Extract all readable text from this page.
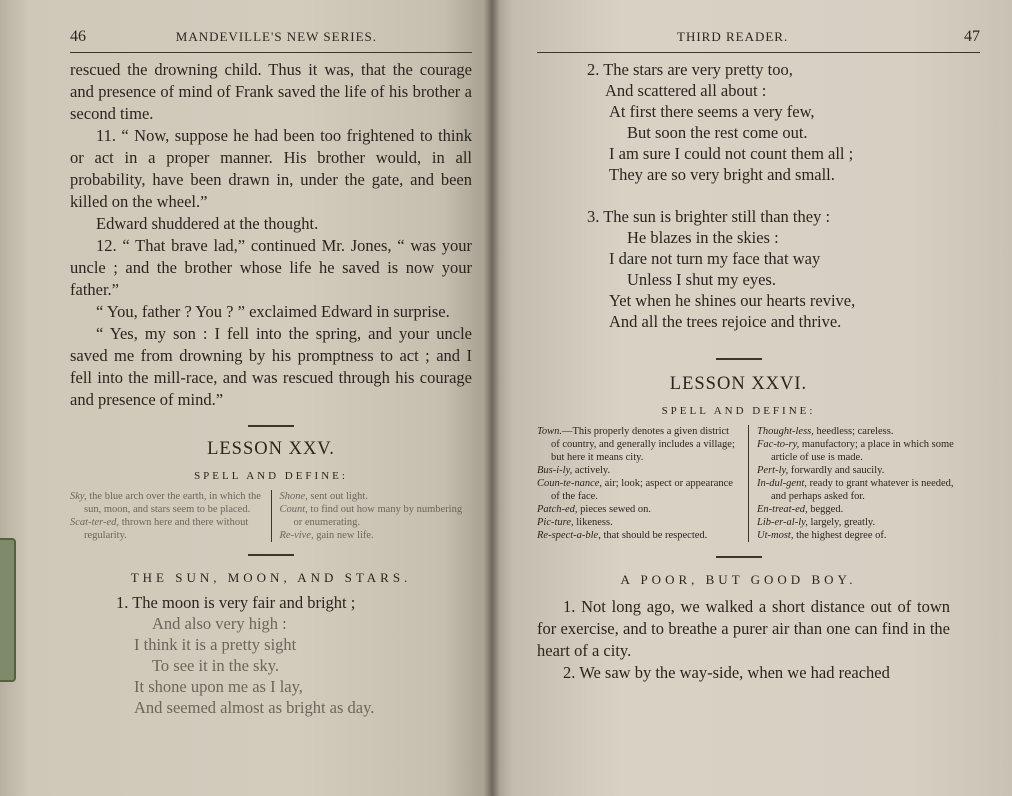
46	MANDEVILLE'S NEW SERIES.

rescued the drowning child. Thus it was, that the courage and presence of mind of Frank saved the life of his brother a second time.

11. “ Now, suppose he had been too frightened to think or act in a proper manner. His brother would, in all probability, have been drawn in, under the gate, and been killed on the wheel.”

Edward shuddered at the thought.

12. “ That brave lad,” continued Mr. Jones, “ was your uncle ; and the brother whose life he saved is now your father.”

“ You, father ? You ? ” exclaimed Edward in surprise.

“ Yes, my son : I fell into the spring, and your uncle saved me from drowning by his promptness to act ; and I fell into the mill-race, and was rescued through his courage and presence of mind.”

LESSON XXV.
SPELL AND DEFINE:
Sky, the blue arch over the earth, in which the sun, moon, and stars seem to be placed.
Scat-ter-ed, thrown here and there without regularity.
Shone, sent out light.
Count, to find out how many by numbering or enumerating.
Re-vive, gain new life.
THE SUN, MOON, AND STARS.
1. The moon is very fair and bright ;
And also very high :
I think it is a pretty sight
To see it in the sky.
It shone upon me as I lay,
And seemed almost as bright as day.
THIRD READER.	47
2. The stars are very pretty too,
And scattered all about :
At first there seems a very few,
But soon the rest come out.
I am sure I could not count them all ;
They are so very bright and small.
3. The sun is brighter still than they :
He blazes in the skies :
I dare not turn my face that way
Unless I shut my eyes.
Yet when he shines our hearts revive,
And all the trees rejoice and thrive.
LESSON XXVI.
SPELL AND DEFINE:
Town.—This properly denotes a given district of country, and generally includes a village; but here it means city.
Bus-i-ly, actively.
Coun-te-nance, air; look; aspect or appearance of the face.
Patch-ed, pieces sewed on.
Pic-ture, likeness.
Re-spect-a-ble, that should be respected.
Thought-less, heedless; careless.
Fac-to-ry, manufactory; a place in which some article of use is made.
Pert-ly, forwardly and saucily.
In-dul-gent, ready to grant whatever is needed, and perhaps asked for.
En-treat-ed, begged.
Lib-er-al-ly, largely, greatly.
Ut-most, the highest degree of.
A POOR, BUT GOOD BOY.

1. Not long ago, we walked a short distance out of town for exercise, and to breathe a purer air than one can find in the heart of a city.

2. We saw by the way-side, when we had reached
